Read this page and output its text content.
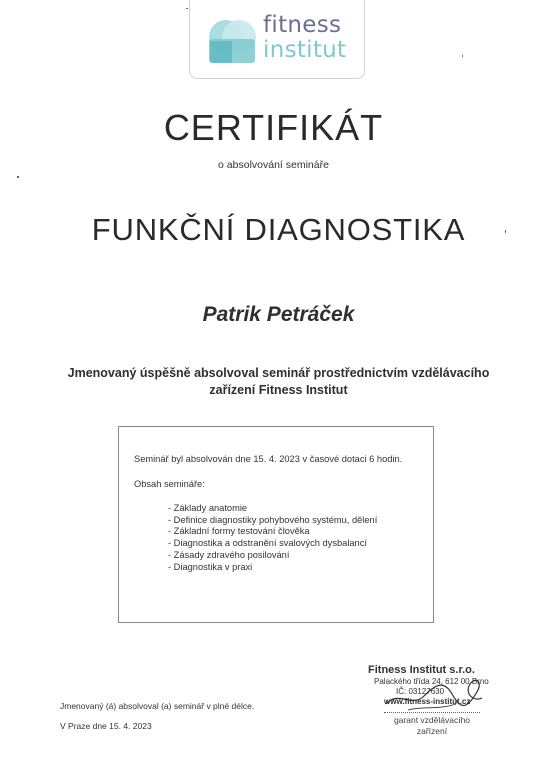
fitness
institut
CERTIFIKÁT
o absolvování semináře
FUNKČNÍ DIAGNOSTIKA
Patrik Petráček
Jmenovaný úspěšně absolvoval seminář prostřednictvím vzdělávacího zařízení Fitness Institut
Seminář byl absolvován dne 15. 4. 2023 v časové dotaci 6 hodin.
Obsah semináře:
- Základy anatomie
- Definice diagnostiky pohybového systému, dělení
- Základní formy testování člověka
- Diagnostika a odstranění svalových dysbalancí
- Zásady zdravého posilování
- Diagnostika v praxi
Jmenovaný (á) absolvoval (a) seminář v plné délce.
V Praze dne 15. 4. 2023
Fitness Institut s.r.o.
Palackého třída 24, 612 00 Brno
IČ: 03127630
www.fitness-institut.cz
garant vzdělávacího zařízení
